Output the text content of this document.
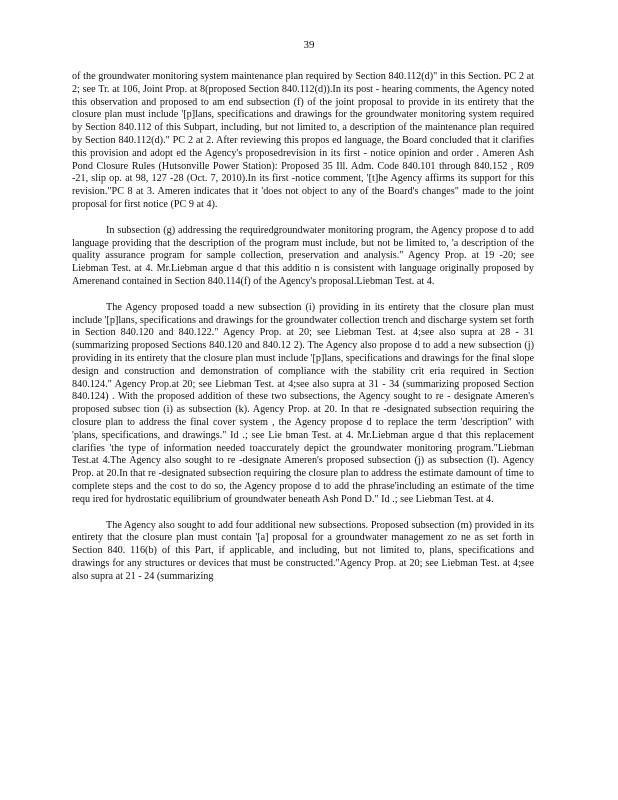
39

of the groundwater monitoring system maintenance plan required by Section 840.112(d)" in this Section. PC 2 at 2; see Tr. at 106, Joint Prop. at 8(proposed Section 840.112(d)).In its post - hearing comments, the Agency noted this observation and proposed to am end subsection (f) of the joint proposal to provide in its entirety that the closure plan must include '[p]lans, specifications and drawings for the groundwater monitoring system required by Section 840.112 of this Subpart, including, but not limited to, a description of the maintenance plan required by Section 840.112(d)." PC 2 at 2. After reviewing this propos ed language, the Board concluded that it clarifies this provision and adopt ed the Agency's proposedrevision in its first - notice opinion and order . Ameren Ash Pond Closure Rules (Hutsonville Power Station): Proposed 35 Ill. Adm. Code 840.101 through 840.152 , R09 -21, slip op. at 98, 127 -28 (Oct. 7, 2010).In its first -notice comment, '[t]he Agency affirms its support for this revision."PC 8 at 3. Ameren indicates that it 'does not object to any of the Board's changes" made to the joint proposal for first notice (PC 9 at 4).

In subsection (g) addressing the requiredgroundwater monitoring program, the Agency propose d to add language providing that the description of the program must include, but not be limited to, 'a description of the quality assurance program for sample collection, preservation and analysis." Agency Prop. at 19 -20; see Liebman Test. at 4. Mr.Liebman argue d that this additio n is consistent with language originally proposed by Amerenand contained in Section 840.114(f) of the Agency's proposal.Liebman Test. at 4.

The Agency proposed toadd a new subsection (i) providing in its entirety that the closure plan must include '[p]lans, specifications and drawings for the groundwater collection trench and discharge system set forth in Section 840.120 and 840.122." Agency Prop. at 20; see Liebman Test. at 4;see also supra at 28 - 31 (summarizing proposed Sections 840.120 and 840.12 2). The Agency also propose d to add a new subsection (j) providing in its entirety that the closure plan must include '[p]lans, specifications and drawings for the final slope design and construction and demonstration of compliance with the stability crit eria required in Section 840.124." Agency Prop.at 20; see Liebman Test. at 4;see also supra at 31 - 34 (summarizing proposed Section 840.124) . With the proposed addition of these two subsections, the Agency sought to re - designate Ameren's proposed subsec tion (i) as subsection (k). Agency Prop. at 20. In that re -designated subsection requiring the closure plan to address the final cover system , the Agency propose d to replace the term 'description" with 'plans, specifications, and drawings." Id .; see Lie bman Test. at 4. Mr.Liebman argue d that this replacement clarifies 'the type of information needed toaccurately depict the groundwater monitoring program."Liebman Test.at 4.The Agency also sought to re -designate Ameren's proposed subsection (j) as subsection (l). Agency Prop. at 20.In that re -designated subsection requiring the closure plan to address the estimate damount of time to complete steps and the cost to do so, the Agency propose d to add the phrase'including an estimate of the time requ ired for hydrostatic equilibrium of groundwater beneath Ash Pond D." Id .; see Liebman Test. at 4.

The Agency also sought to add four additional new subsections. Proposed subsection (m) provided in its entirety that the closure plan must contain '[a] proposal for a groundwater management zo ne as set forth in Section 840. 116(b) of this Part, if applicable, and including, but not limited to, plans, specifications and drawings for any structures or devices that must be constructed."Agency Prop. at 20; see Liebman Test. at 4;see also supra at 21 - 24 (summarizing
